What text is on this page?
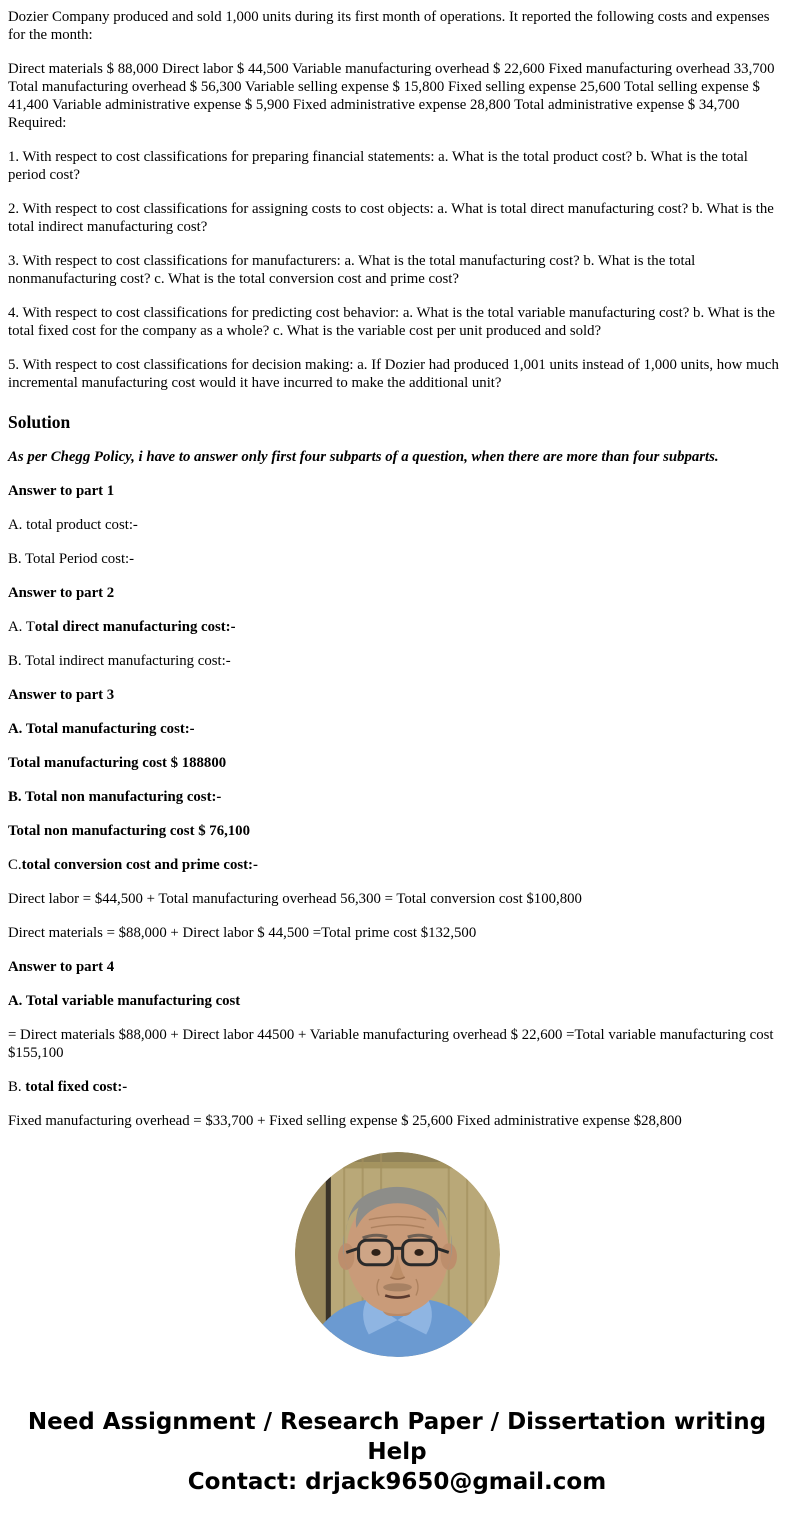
Dozier Company produced and sold 1,000 units during its first month of operations. It reported the following costs and expenses for the month:

Direct materials $ 88,000 Direct labor $ 44,500 Variable manufacturing overhead $ 22,600 Fixed manufacturing overhead 33,700 Total manufacturing overhead $ 56,300 Variable selling expense $ 15,800 Fixed selling expense 25,600 Total selling expense $ 41,400 Variable administrative expense $ 5,900 Fixed administrative expense 28,800 Total administrative expense $ 34,700 Required:

1. With respect to cost classifications for preparing financial statements: a. What is the total product cost? b. What is the total period cost?

2. With respect to cost classifications for assigning costs to cost objects: a. What is total direct manufacturing cost? b. What is the total indirect manufacturing cost?

3. With respect to cost classifications for manufacturers: a. What is the total manufacturing cost? b. What is the total nonmanufacturing cost? c. What is the total conversion cost and prime cost?

4. With respect to cost classifications for predicting cost behavior: a. What is the total variable manufacturing cost? b. What is the total fixed cost for the company as a whole? c. What is the variable cost per unit produced and sold?

5. With respect to cost classifications for decision making: a. If Dozier had produced 1,001 units instead of 1,000 units, how much incremental manufacturing cost would it have incurred to make the additional unit?

Solution

As per Chegg Policy, i have to answer only first four subparts of a question, when there are more than four subparts.

Answer to part 1

A. total product cost:-

B. Total Period cost:-

Answer to part 2

A. Total direct manufacturing cost:-

B. Total indirect manufacturing cost:-

Answer to part 3

A. Total manufacturing cost:-

Total manufacturing cost $ 188800

B. Total non manufacturing cost:-

Total non manufacturing cost $ 76,100

C.total conversion cost and prime cost:-

Direct labor = $44,500 + Total manufacturing overhead 56,300 = Total conversion cost $100,800

Direct materials = $88,000 + Direct labor $ 44,500 =Total prime cost $132,500

Answer to part 4

A. Total variable manufacturing cost

= Direct materials $88,000 + Direct labor 44500 + Variable manufacturing overhead $ 22,600 =Total variable manufacturing cost $155,100

B. total fixed cost:-

Fixed manufacturing overhead = $33,700 + Fixed selling expense $ 25,600 Fixed administrative expense $28,800

Need Assignment / Research Paper / Dissertation writing Help
Contact: drjack9650@gmail.com
